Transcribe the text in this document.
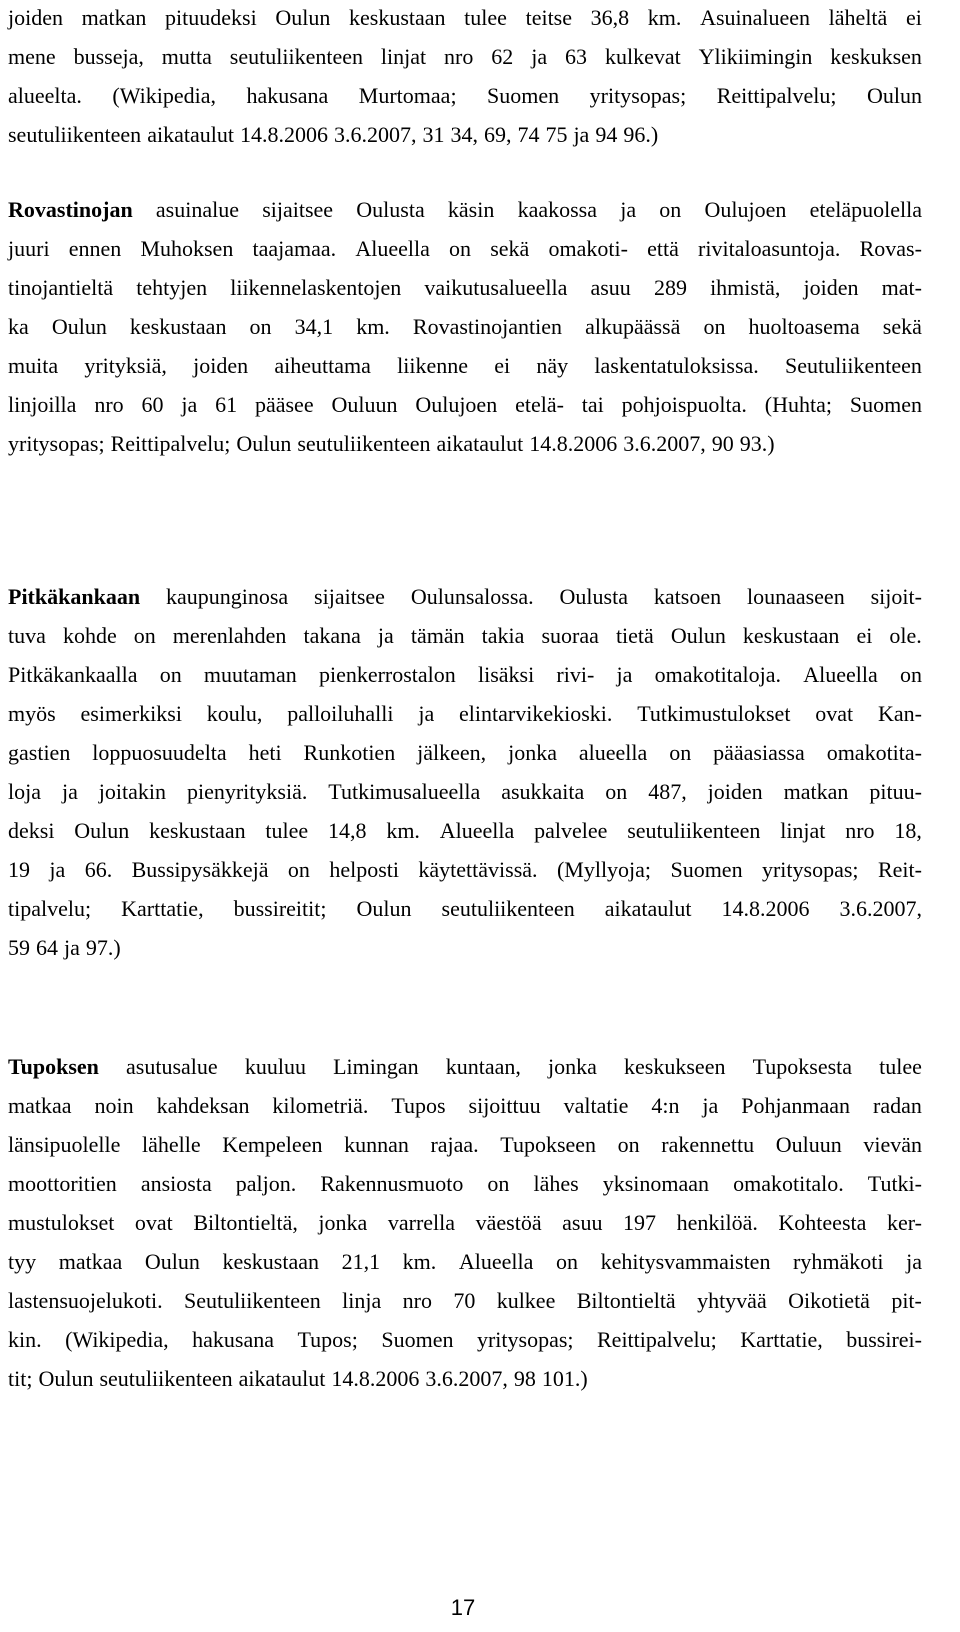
joiden matkan pituudeksi Oulun keskustaan tulee teitse 36,8 km. Asuinalueen läheltä ei
mene busseja, mutta seutuliikenteen linjat nro 62 ja 63 kulkevat Ylikiimingin keskuksen
alueelta. (Wikipedia, hakusana Murtomaa; Suomen yritysopas; Reittipalvelu; Oulun
seutuliikenteen aikataulut 14.8.2006 3.6.2007, 31 34, 69, 74 75 ja 94 96.)
Rovastinojan asuinalue sijaitsee Oulusta käsin kaakossa ja on Oulujoen eteläpuolella
juuri ennen Muhoksen taajamaa. Alueella on sekä omakoti- että rivitaloasuntoja. Rovas-
tinojantieltä tehtyjen liikennelaskentojen vaikutusalueella asuu 289 ihmistä, joiden mat-
ka Oulun keskustaan on 34,1 km. Rovastinojantien alkupäässä on huoltoasema sekä
muita yrityksiä, joiden aiheuttama liikenne ei näy laskentatuloksissa. Seutuliikenteen
linjoilla nro 60 ja 61 pääsee Ouluun Oulujoen etelä- tai pohjoispuolta. (Huhta; Suomen
yritysopas; Reittipalvelu; Oulun seutuliikenteen aikataulut 14.8.2006 3.6.2007, 90 93.)
Pitkäkankaan kaupunginosa sijaitsee Oulunsalossa. Oulusta katsoen lounaaseen sijoit-
tuva kohde on merenlahden takana ja tämän takia suoraa tietä Oulun keskustaan ei ole.
Pitkäkankaalla on muutaman pienkerrostalon lisäksi rivi- ja omakotitaloja. Alueella on
myös esimerkiksi koulu, palloiluhalli ja elintarvikekioski. Tutkimustulokset ovat Kan-
gastien loppuosuudelta heti Runkotien jälkeen, jonka alueella on pääasiassa omakotita-
loja ja joitakin pienyrityksiä. Tutkimusalueella asukkaita on 487, joiden matkan pituu-
deksi Oulun keskustaan tulee 14,8 km. Alueella palvelee seutuliikenteen linjat nro 18,
19 ja 66. Bussipysäkkejä on helposti käytettävissä. (Myllyoja; Suomen yritysopas; Reit-
tipalvelu; Karttatie, bussireitit; Oulun seutuliikenteen aikataulut 14.8.2006 3.6.2007,
59 64 ja 97.)
Tupoksen asutusalue kuuluu Limingan kuntaan, jonka keskukseen Tupoksesta tulee
matkaa noin kahdeksan kilometriä. Tupos sijoittuu valtatie 4:n ja Pohjanmaan radan
länsipuolelle lähelle Kempeleen kunnan rajaa. Tupokseen on rakennettu Ouluun vievän
moottoritien ansiosta paljon. Rakennusmuoto on lähes yksinomaan omakotitalo. Tutki-
mustulokset ovat Biltontieltä, jonka varrella väestöä asuu 197 henkilöä. Kohteesta ker-
tyy matkaa Oulun keskustaan 21,1 km. Alueella on kehitysvammaisten ryhmäkoti ja
lastensuojelukoti. Seutuliikenteen linja nro 70 kulkee Biltontieltä yhtyvää Oikotietä pit-
kin. (Wikipedia, hakusana Tupos; Suomen yritysopas; Reittipalvelu; Karttatie, bussirei-
tit; Oulun seutuliikenteen aikataulut 14.8.2006 3.6.2007, 98 101.)
17
